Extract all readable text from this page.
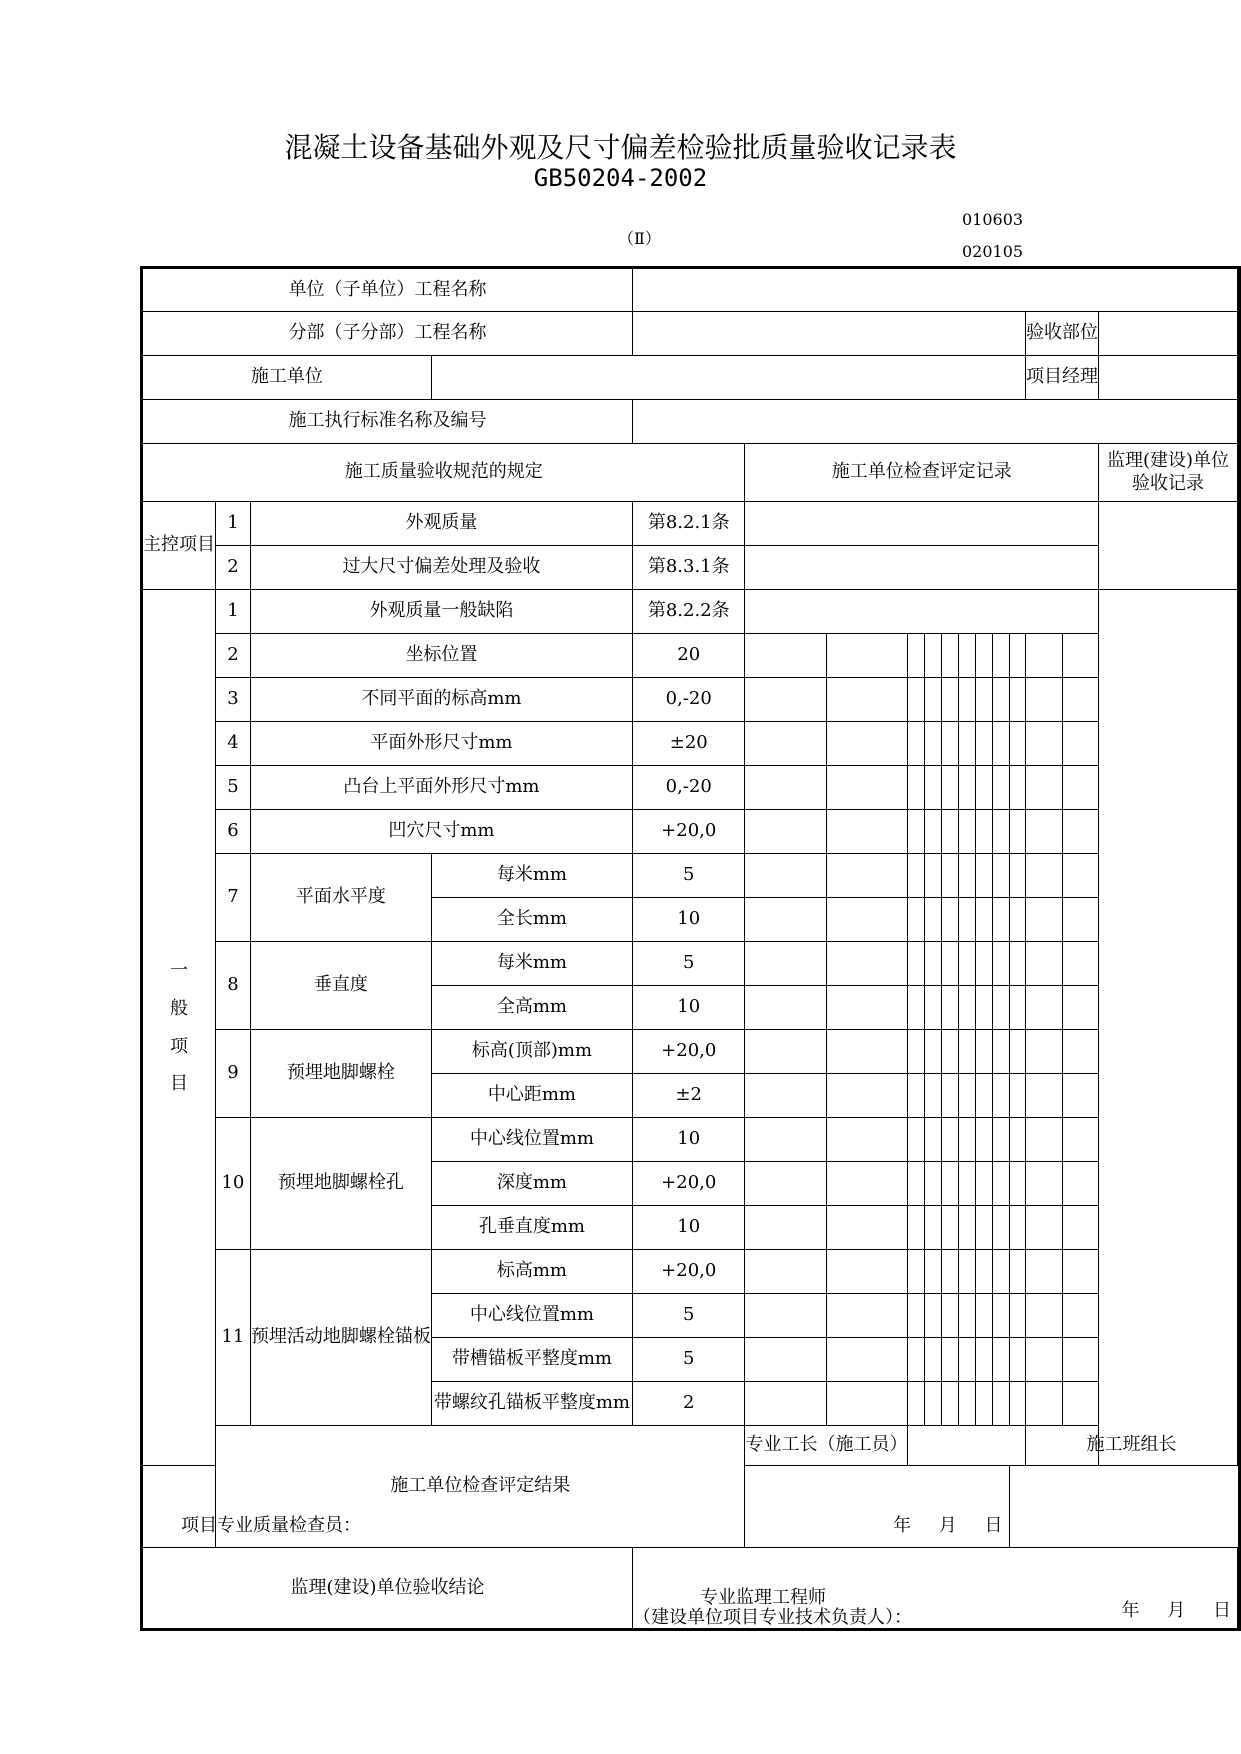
混凝土设备基础外观及尺寸偏差检验批质量验收记录表
GB50204-2002
010603
（Ⅱ）
020105
单位（子单位）工程名称																	
分部（子分部）工程名称														验收部位			
施工单位														项目经理			
施工执行标准名称及编号																	
施工质量验收规范的规定					施工单位检查评定记录											监理(建设)单位
验收记录	

主控项目	1	外观质量		第8.2.1条													
	2	过大尺寸偏差处理及验收		第8.3.1条													

一般项目	1	外观质量一般缺陷		第8.2.2条													
	2	坐标位置		20													
	3	不同平面的标高mm		0,-20													
	4	平面外形尺寸mm		±20													
	5	凸台上平面外形尺寸mm		0,-20													
	6	凹穴尺寸mm		+20,0													
	7	平面水平度	每米mm	5													
			全长mm	10													
	8	垂直度	每米mm	5													
			全高mm	10													
	9	预埋地脚螺栓	标高(顶部)mm	+20,0													
			中心距mm	±2													
	10	预埋地脚螺栓孔	中心线位置mm	10													
			深度mm	+20,0													
			孔垂直度mm	10													
	11	预埋活动地脚螺栓锚板	标高mm	+20,0													
			中心线位置mm	5													
			带槽锚板平整度mm	5													
			带螺纹孔锚板平整度mm	2													
	施工单位检查评定结果				专业工长（施工员）									施工班组长			

项目专业质量检查员： 年 月 日																	

监理(建设)单位验收结论				专业监理工程师
（建设单位项目专业技术负责人）： 年 月 日													
